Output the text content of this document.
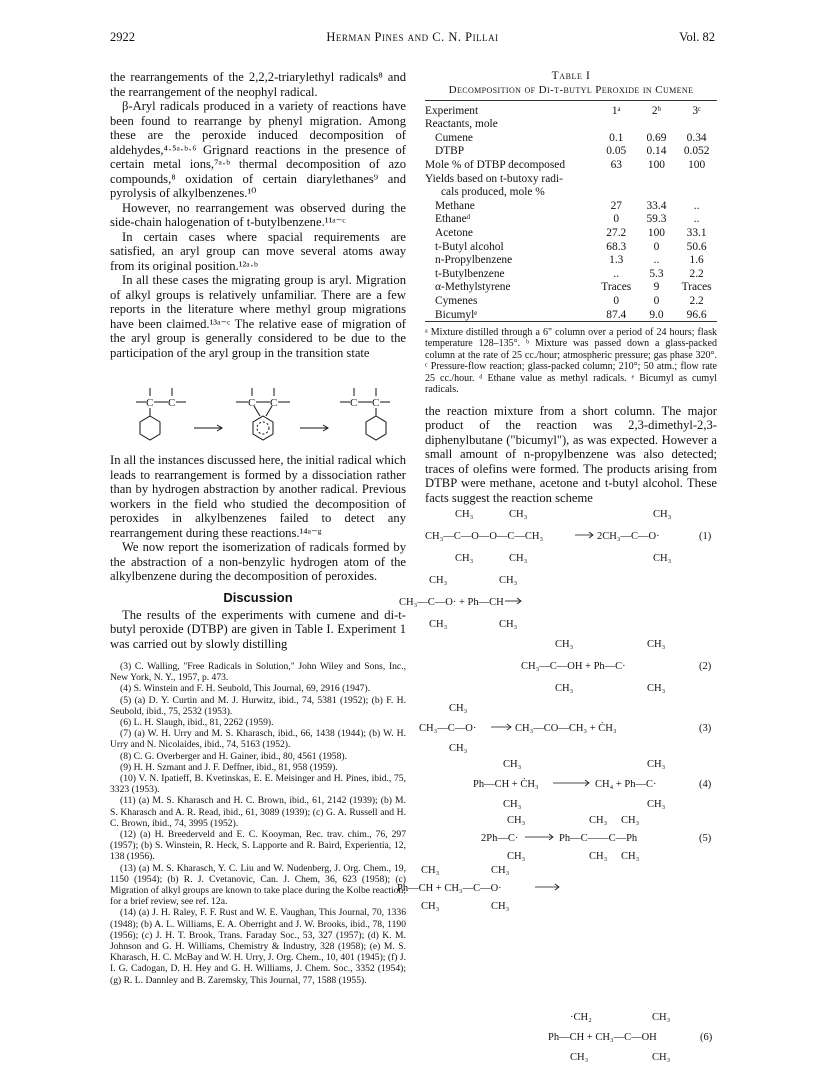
2922	Herman Pines and C. N. Pillai	Vol. 82

the rearrangements of the 2,2,2-triarylethyl radicals⁸ and the rearrangement of the neophyl radical.

β-Aryl radicals produced in a variety of reactions have been found to rearrange by phenyl migration. Among these are the peroxide induced decomposition of aldehydes,⁴·⁵ᵃ·ᵇ·⁶ Grignard reactions in the presence of certain metal ions,⁷ᵃ·ᵇ thermal decomposition of azo compounds,⁸ oxidation of certain diarylethanes⁹ and pyrolysis of alkylbenzenes.¹⁰

However, no rearrangement was observed during the side-chain halogenation of t-butylbenzene.¹¹ᵃ⁻ᶜ

In certain cases where spacial requirements are satisfied, an aryl group can move several atoms away from its original position.¹²ᵃ·ᵇ

In all these cases the migrating group is aryl. Migration of alkyl groups is relatively unfamiliar. There are a few reports in the literature where methyl group migrations have been claimed.¹³ᵃ⁻ᶜ The relative ease of migration of the aryl group is generally considered to be due to the participation of the aryl group in the transition state

C C	C C	C C

In all the instances discussed here, the initial radical which leads to rearrangement is formed by a dissociation rather than by hydrogen abstraction by another radical. Previous workers in the field who studied the decomposition of peroxides in alkylbenzenes failed to detect any rearrangement during these reactions.¹⁴ᵃ⁻ᵍ

We now report the isomerization of radicals formed by the abstraction of a non-benzylic hydrogen atom of the alkylbenzene during the decomposition of peroxides.

Discussion

The results of the experiments with cumene and di-t-butyl peroxide (DTBP) are given in Table I. Experiment 1 was carried out by slowly distilling

(3) C. Walling, "Free Radicals in Solution," John Wiley and Sons, Inc., New York, N. Y., 1957, p. 473.
(4) S. Winstein and F. H. Seubold, This Journal, 69, 2916 (1947).
(5) (a) D. Y. Curtin and M. J. Hurwitz, ibid., 74, 5381 (1952); (b) F. H. Seubold, ibid., 75, 2532 (1953).
(6) L. H. Slaugh, ibid., 81, 2262 (1959).
(7) (a) W. H. Urry and M. S. Kharasch, ibid., 66, 1438 (1944); (b) W. H. Urry and N. Nicolaides, ibid., 74, 5163 (1952).
(8) C. G. Overberger and H. Gainer, ibid., 80, 4561 (1958).
(9) H. H. Szmant and J. F. Deffner, ibid., 81, 958 (1959).
(10) V. N. Ipatieff, B. Kvetinskas, E. E. Meisinger and H. Pines, ibid., 75, 3323 (1953).
(11) (a) M. S. Kharasch and H. C. Brown, ibid., 61, 2142 (1939); (b) M. S. Kharasch and A. R. Read, ibid., 61, 3089 (1939); (c) G. A. Russell and H. C. Brown, ibid., 74, 3995 (1952).
(12) (a) H. Breederveld and E. C. Kooyman, Rec. trav. chim., 76, 297 (1957); (b) S. Winstein, R. Heck, S. Lapporte and R. Baird, Experientia, 12, 138 (1956).
(13) (a) M. S. Kharasch, Y. C. Liu and W. Nudenberg, J. Org. Chem., 19, 1150 (1954); (b) R. J. Cvetanovic, Can. J. Chem, 36, 623 (1958); (c) Migration of alkyl groups are known to take place during the Kolbe reaction; for a brief review, see ref. 12a.
(14) (a) J. H. Raley, F. F. Rust and W. E. Vaughan, This Journal, 70, 1336 (1948); (b) A. L. Williams, E. A. Oberright and J. W. Brooks, ibid., 78, 1190 (1956); (c) J. H. T. Brook, Trans. Faraday Soc., 53, 327 (1957); (d) K. M. Johnson and G. H. Williams, Chemistry & Industry, 328 (1958); (e) M. S. Kharasch, H. C. McBay and W. H. Urry, J. Org. Chem., 10, 401 (1945); (f) J. I. G. Cadogan, D. H. Hey and G. H. Williams, J. Chem. Soc., 3352 (1954); (g) R. L. Dannley and B. Zaremsky, This Journal, 77, 1588 (1955).
Table I
Decomposition of Di-t-butyl Peroxide in Cumene

Experiment	1ᵃ	2ᵇ	3ᶜ
Reactants, mole			
Cumene	0.1	0.69	0.34
DTBP	0.05	0.14	0.052
Mole % of DTBP decomposed	63	100	100
Yields based on t-butoxy radi-			
cals produced, mole %			
Methane	27	33.4	..
Ethaneᵈ	0	59.3	..
Acetone	27.2	100	33.1
t-Butyl alcohol	68.3	0	50.6
n-Propylbenzene	1.3	..	1.6
t-Butylbenzene	..	5.3	2.2
α-Methylstyrene	Traces	9	Traces
Cymenes	0	0	2.2
Bicumylᵉ	87.4	9.0	96.6

ᵃ Mixture distilled through a 6" column over a period of 24 hours; flask temperature 128–135°. ᵇ Mixture was passed down a glass-packed column at the rate of 25 cc./hour; atmospheric pressure; gas phase 320°. ᶜ Pressure-flow reaction; glass-packed column; 210°; 50 atm.; flow rate 25 cc./hour. ᵈ Ethane value as methyl radicals. ᵉ Bicumyl as cumyl radicals.

the reaction mixture from a short column. The major product of the reaction was 2,3-dimethyl-2,3-diphenylbutane ("bicumyl"), as was expected. However a small amount of n-propylbenzene was also detected; traces of olefins were formed. The products arising from DTBP were methane, acetone and t-butyl alcohol. These facts suggest the reaction scheme

CH₃	CH₃	CH₃
CH₃—C—O—O—C—CH₃	2CH₃—C—O·	(1)
CH₃	CH₃	CH₃
CH₃	CH₃
CH₃—C—O· + Ph—CH
CH₃	CH₃
CH₃	CH₃
CH₃—C—OH + Ph—C·	(2)
CH₃	CH₃
CH₃
CH₃—C—O·	CH₃—CO—CH₃ + ĊH₃	(3)
CH₃
CH₃	CH₃
Ph—CH + ĊH₃	CH₄ + Ph—C·	(4)
CH₃	CH₃
CH₃	CH₃ CH₃
2Ph—C·	Ph—C——C—Ph	(5)
CH₃	CH₃ CH₃
CH₃	CH₃
Ph—CH + CH₃—C—O·
CH₃	CH₃
·CH₂	CH₃
Ph—CH + CH₃—C—OH	(6)
CH₃	CH₃
